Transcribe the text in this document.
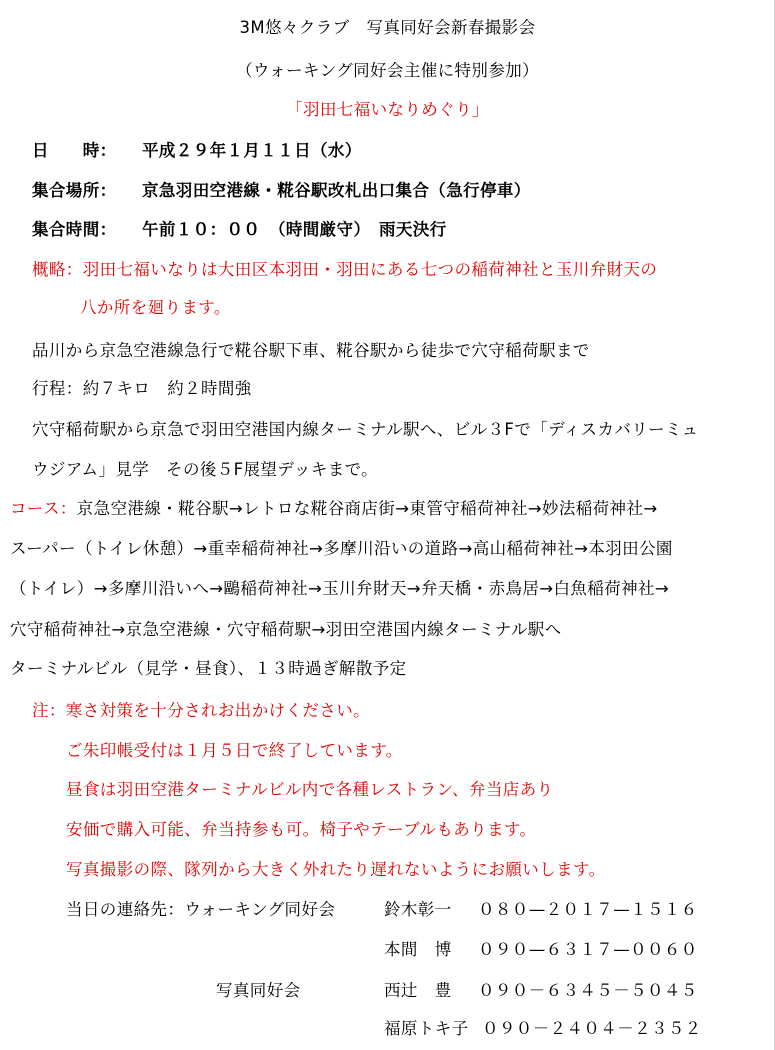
3M悠々クラブ　写真同好会新春撮影会
（ウォーキング同好会主催に特別参加）
「羽田七福いなりめぐり」
日　　時： 平成２９年１月１１日（水）
集合場所： 京急羽田空港線・糀谷駅改札出口集合（急行停車）
集合時間： 午前１０：００　（時間厳守）　雨天決行
概略：羽田七福いなりは大田区本羽田・羽田にある七つの稲荷神社と玉川弁財天の
八か所を廻ります。
品川から京急空港線急行で糀谷駅下車、糀谷駅から徒歩で穴守稲荷駅まで
行程：約７キロ　約２時間強
穴守稲荷駅から京急で羽田空港国内線ターミナル駅へ、ビル３Fで「ディスカバリーミュ
ウジアム」見学　その後５F展望デッキまで。
コース：京急空港線・糀谷駅→レトロな糀谷商店街→東管守稲荷神社→妙法稲荷神社→
スーパー（トイレ休憩）→重幸稲荷神社→多摩川沿いの道路→高山稲荷神社→本羽田公園
（トイレ）→多摩川沿いへ→鷗稲荷神社→玉川弁財天→弁天橋・赤鳥居→白魚稲荷神社→
穴守稲荷神社→京急空港線・穴守稲荷駅→羽田空港国内線ターミナル駅へ
ターミナルビル（見学・昼食）、１３時過ぎ解散予定
注：寒さ対策を十分されお出かけください。
ご朱印帳受付は１月５日で終了しています。
昼食は羽田空港ターミナルビル内で各種レストラン、弁当店あり
安価で購入可能、弁当持参も可。椅子やテーブルもあります。
写真撮影の際、隊列から大きく外れたり遅れないようにお願いします。
当日の連絡先：ウォーキング同好会	鈴木彰一 ０８０—２０１７—１５１６
本間　博 ０９０—６３１７—００６０
写真同好会	西辻　豊 ０９０－６３４５－５０４５
福原トキ子 ０９０－２４０４－２３５２
